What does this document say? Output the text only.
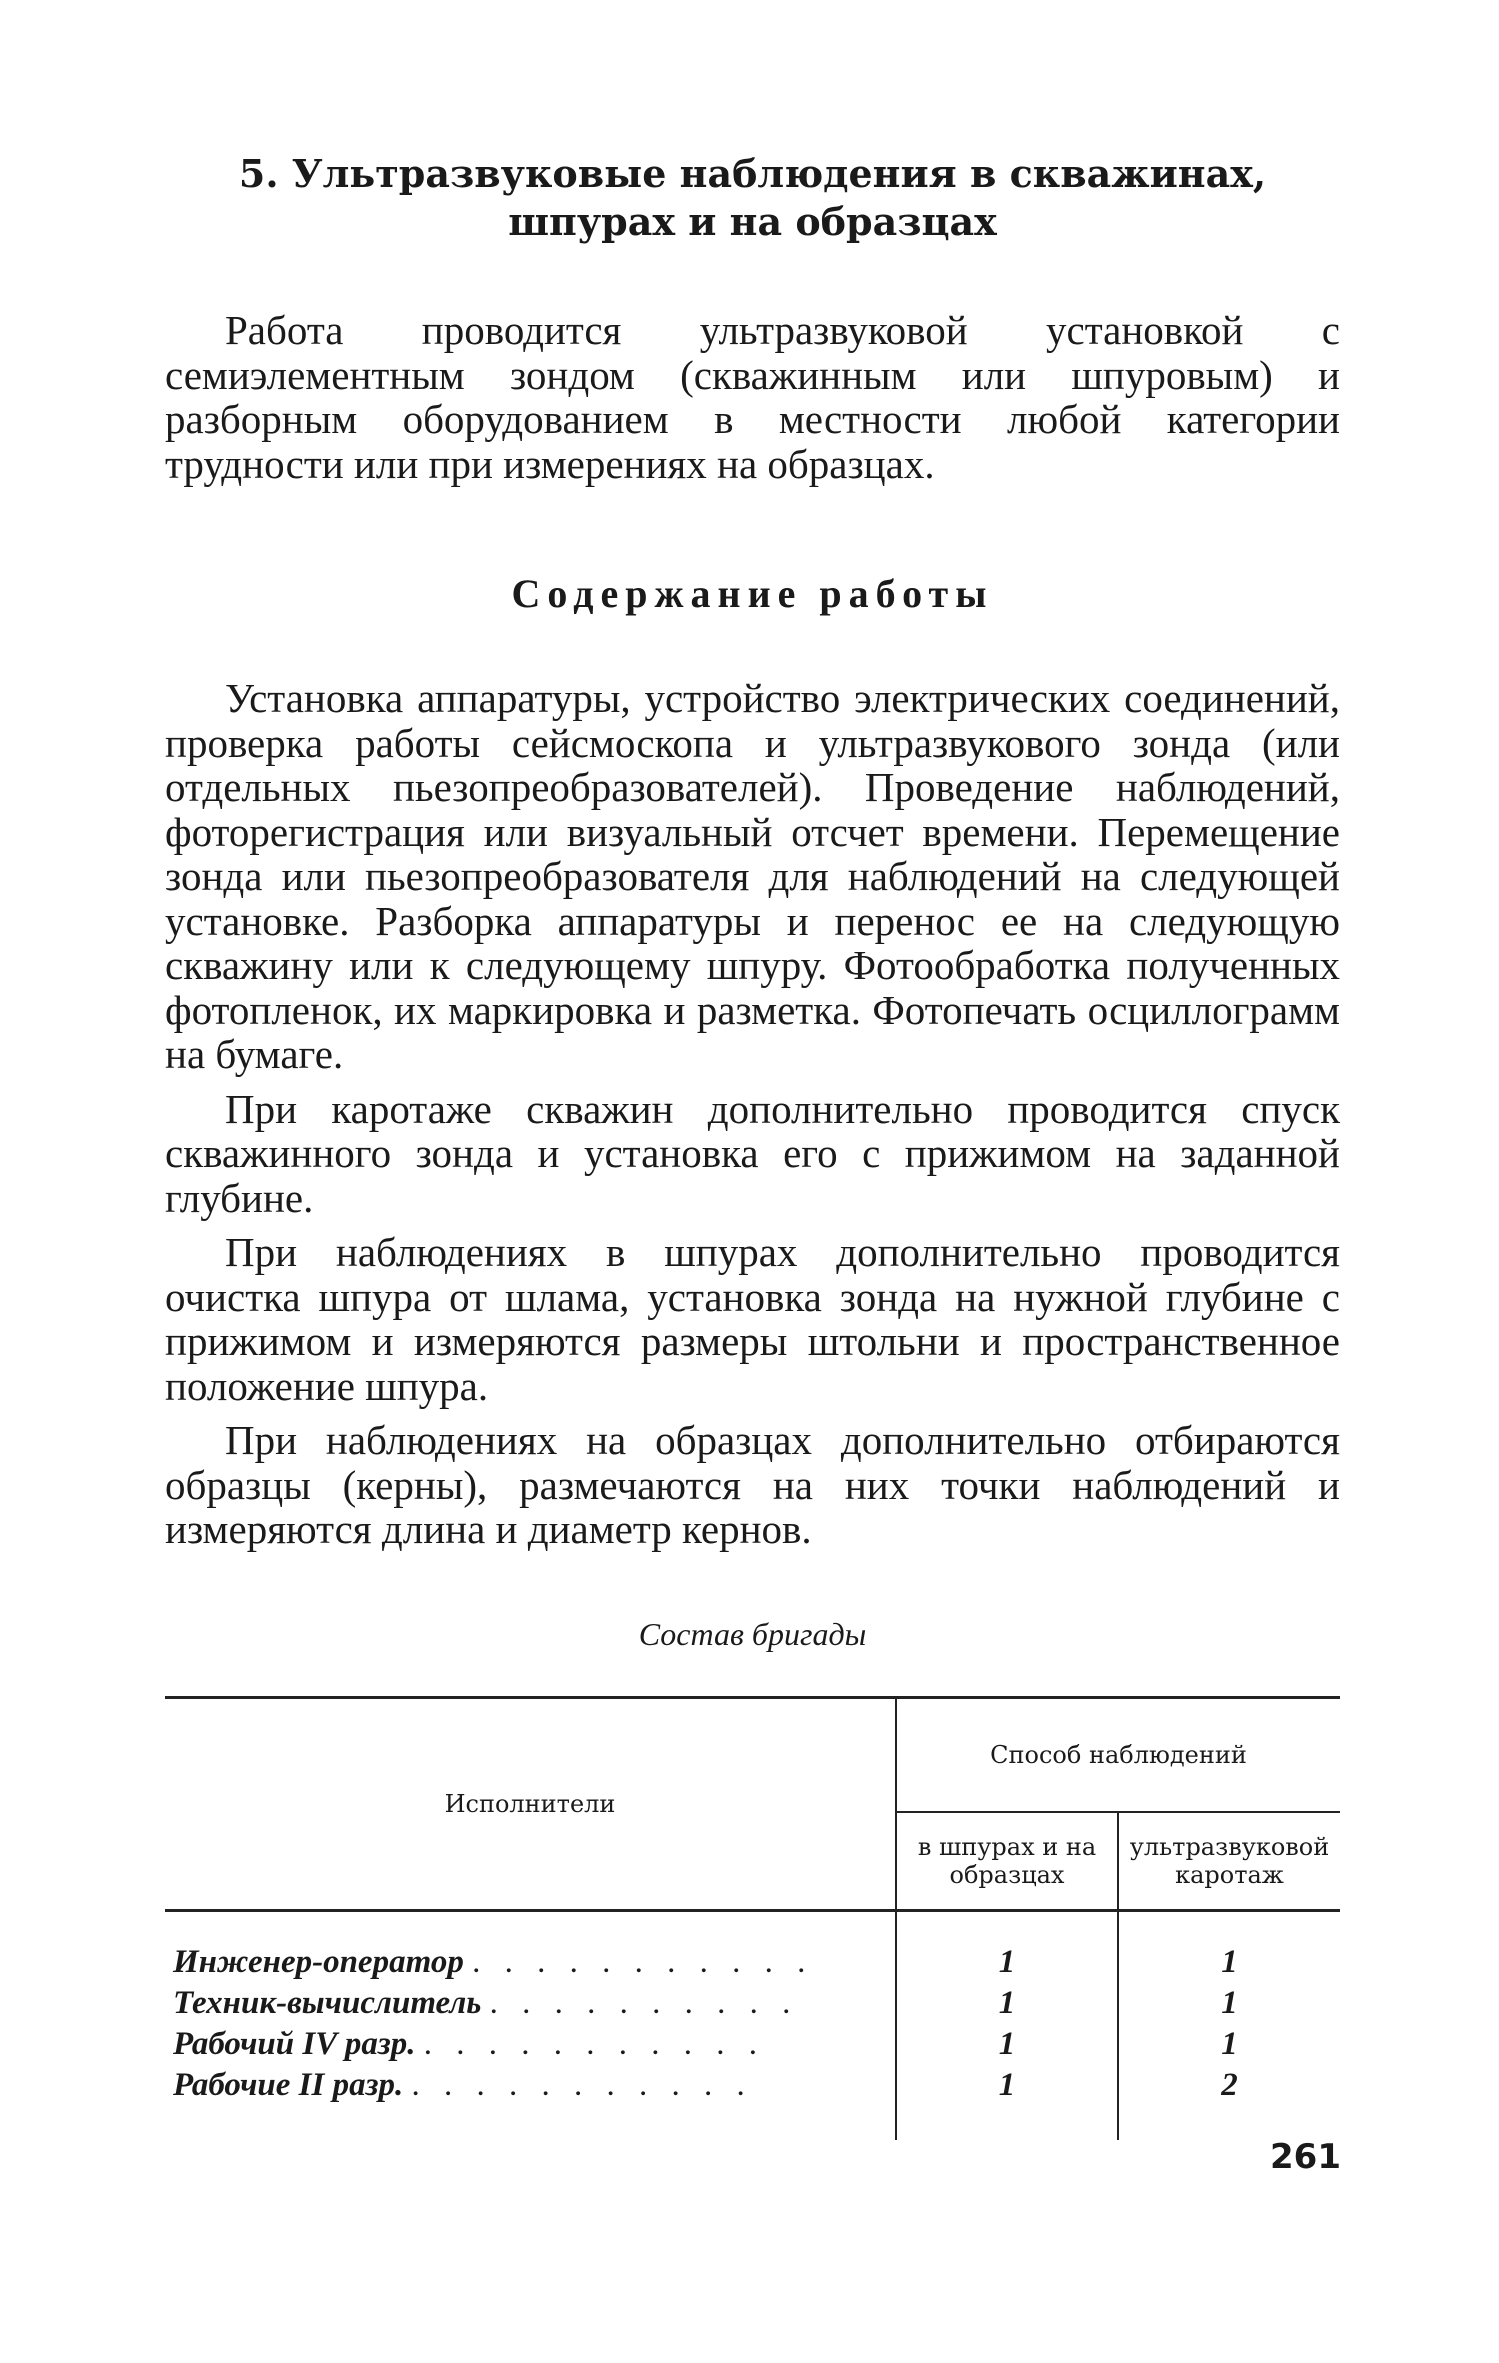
5. Ультразвуковые наблюдения в скважинах,
шпурах и на образцах

Работа проводится ультразвуковой установкой с семиэлементным зондом (скважинным или шпуровым) и разборным оборудованием в местности любой категории трудности или при измерениях на образцах.

Содержание работы

Установка аппаратуры, устройство электрических соединений, проверка работы сейсмоскопа и ультразвукового зонда (или отдельных пьезопреобразователей). Проведение наблюдений, фоторегистрация или визуальный отсчет времени. Перемещение зонда или пьезопреобразователя для наблюдений на следующей установке. Разборка аппаратуры и перенос ее на следующую скважину или к следующему шпуру. Фотообработка полученных фотопленок, их маркировка и разметка. Фотопечать осциллограмм на бумаге.

При каротаже скважин дополнительно проводится спуск скважинного зонда и установка его с прижимом на заданной глубине.

При наблюдениях в шпурах дополнительно проводится очистка шпура от шлама, установка зонда на нужной глубине с прижимом и измеряются размеры штольни и пространственное положение шпура.

При наблюдениях на образцах дополнительно отбираются образцы (керны), размечаются на них точки наблюдений и измеряются длина и диаметр кернов.

Состав бригады
Исполнители	Способ наблюдений	
	в шпурах и на образцах	ультразвуковой каротаж
Инженер-оператор . . . . . . . . . . .	1	1
Техник-вычислитель . . . . . . . . . .	1	1
Рабочий IV разр. . . . . . . . . . . .	1	1
Рабочие II разр. . . . . . . . . . . .	1	2
261
